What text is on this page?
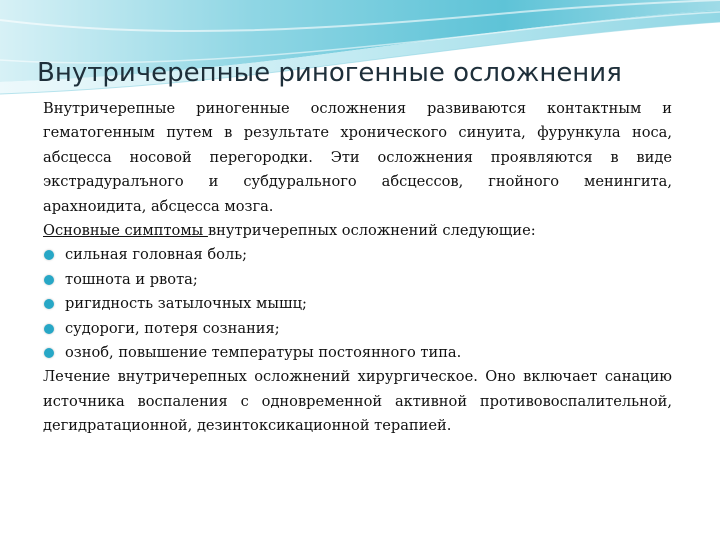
Внутричерепные риногенные осложнения

Внутричерепные риногенные осложнения развиваются контактным и гематогенным путем в результате хронического синуита, фурункула носа, абсцесса носовой перегородки. Эти осложнения проявляются в виде экстрадуралъного и субдурального абсцессов, гнойного менингита, арахноидита, абсцесса мозга.

Основные симптомы внутричерепных осложнений следующие:

сильная головная боль;
тошнота и рвота;
ригидность затылочных мышц;
судороги, потеря сознания;
озноб, повышение температуры постоянного типа.

Лечение внутричерепных осложнений хирургическое. Оно включает санацию источника воспаления с одновременной активной противовоспалительной, дегидратационной, дезинтоксикационной терапией.
